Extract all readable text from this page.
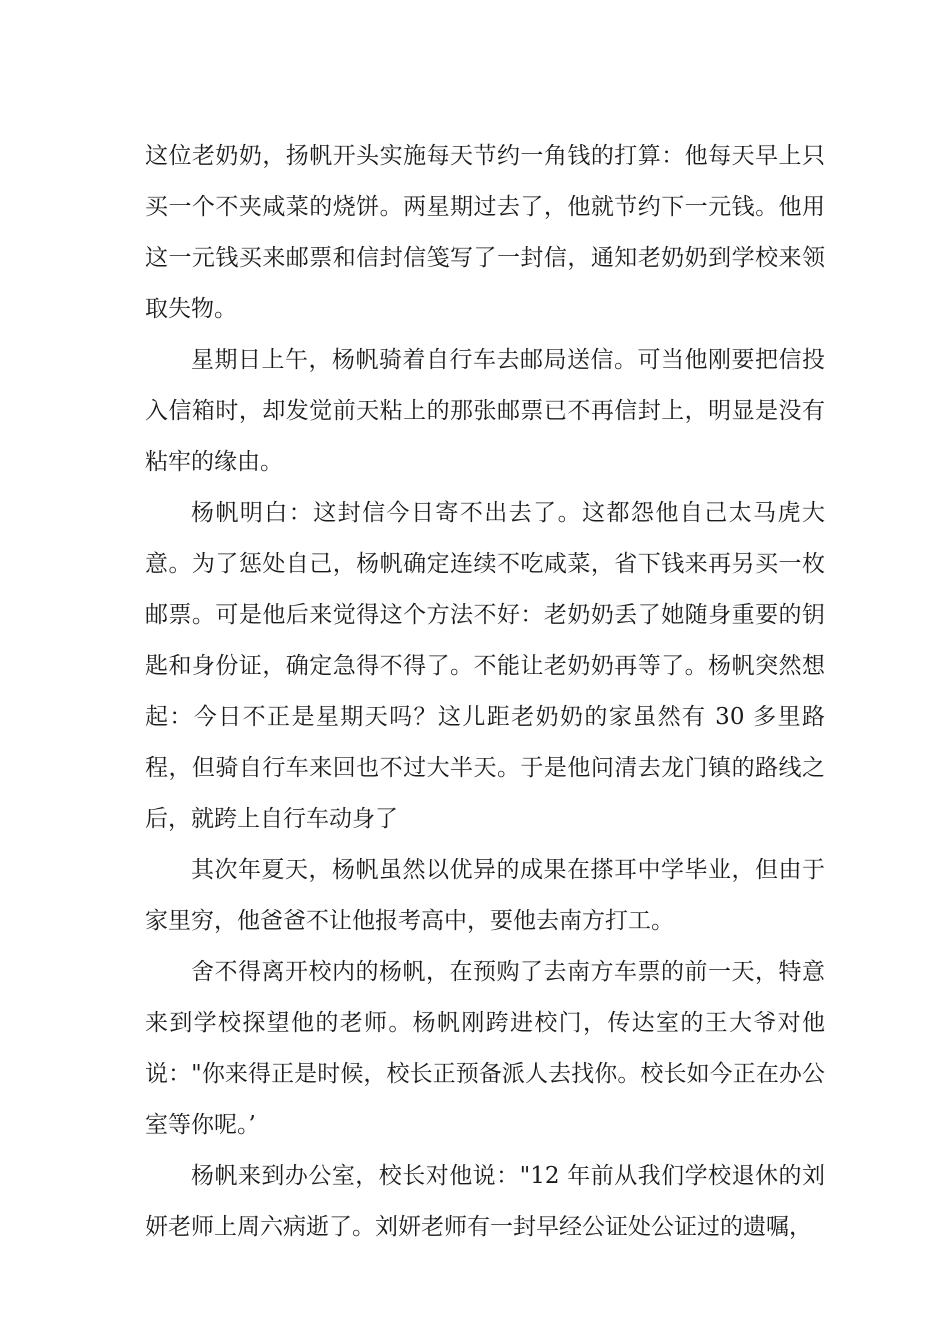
这位老奶奶，扬帆开头实施每天节约一角钱的打算：他每天早上只买一个不夹咸菜的烧饼。两星期过去了，他就节约下一元钱。他用这一元钱买来邮票和信封信笺写了一封信，通知老奶奶到学校来领取失物。

星期日上午，杨帆骑着自行车去邮局送信。可当他刚要把信投入信箱时，却发觉前天粘上的那张邮票已不再信封上，明显是没有粘牢的缘由。

杨帆明白：这封信今日寄不出去了。这都怨他自己太马虎大意。为了惩处自己，杨帆确定连续不吃咸菜，省下钱来再另买一枚邮票。可是他后来觉得这个方法不好：老奶奶丢了她随身重要的钥匙和身份证，确定急得不得了。不能让老奶奶再等了。杨帆突然想起：今日不正是星期天吗？这儿距老奶奶的家虽然有 30 多里路程，但骑自行车来回也不过大半天。于是他问清去龙门镇的路线之后，就跨上自行车动身了

其次年夏天，杨帆虽然以优异的成果在搽耳中学毕业，但由于家里穷，他爸爸不让他报考高中，要他去南方打工。

舍不得离开校内的杨帆，在预购了去南方车票的前一天，特意来到学校探望他的老师。杨帆刚跨进校门，传达室的王大爷对他说："你来得正是时候，校长正预备派人去找你。校长如今正在办公室等你呢。’

杨帆来到办公室，校长对他说："12 年前从我们学校退休的刘妍老师上周六病逝了。刘妍老师有一封早经公证处公证过的遗嘱，
